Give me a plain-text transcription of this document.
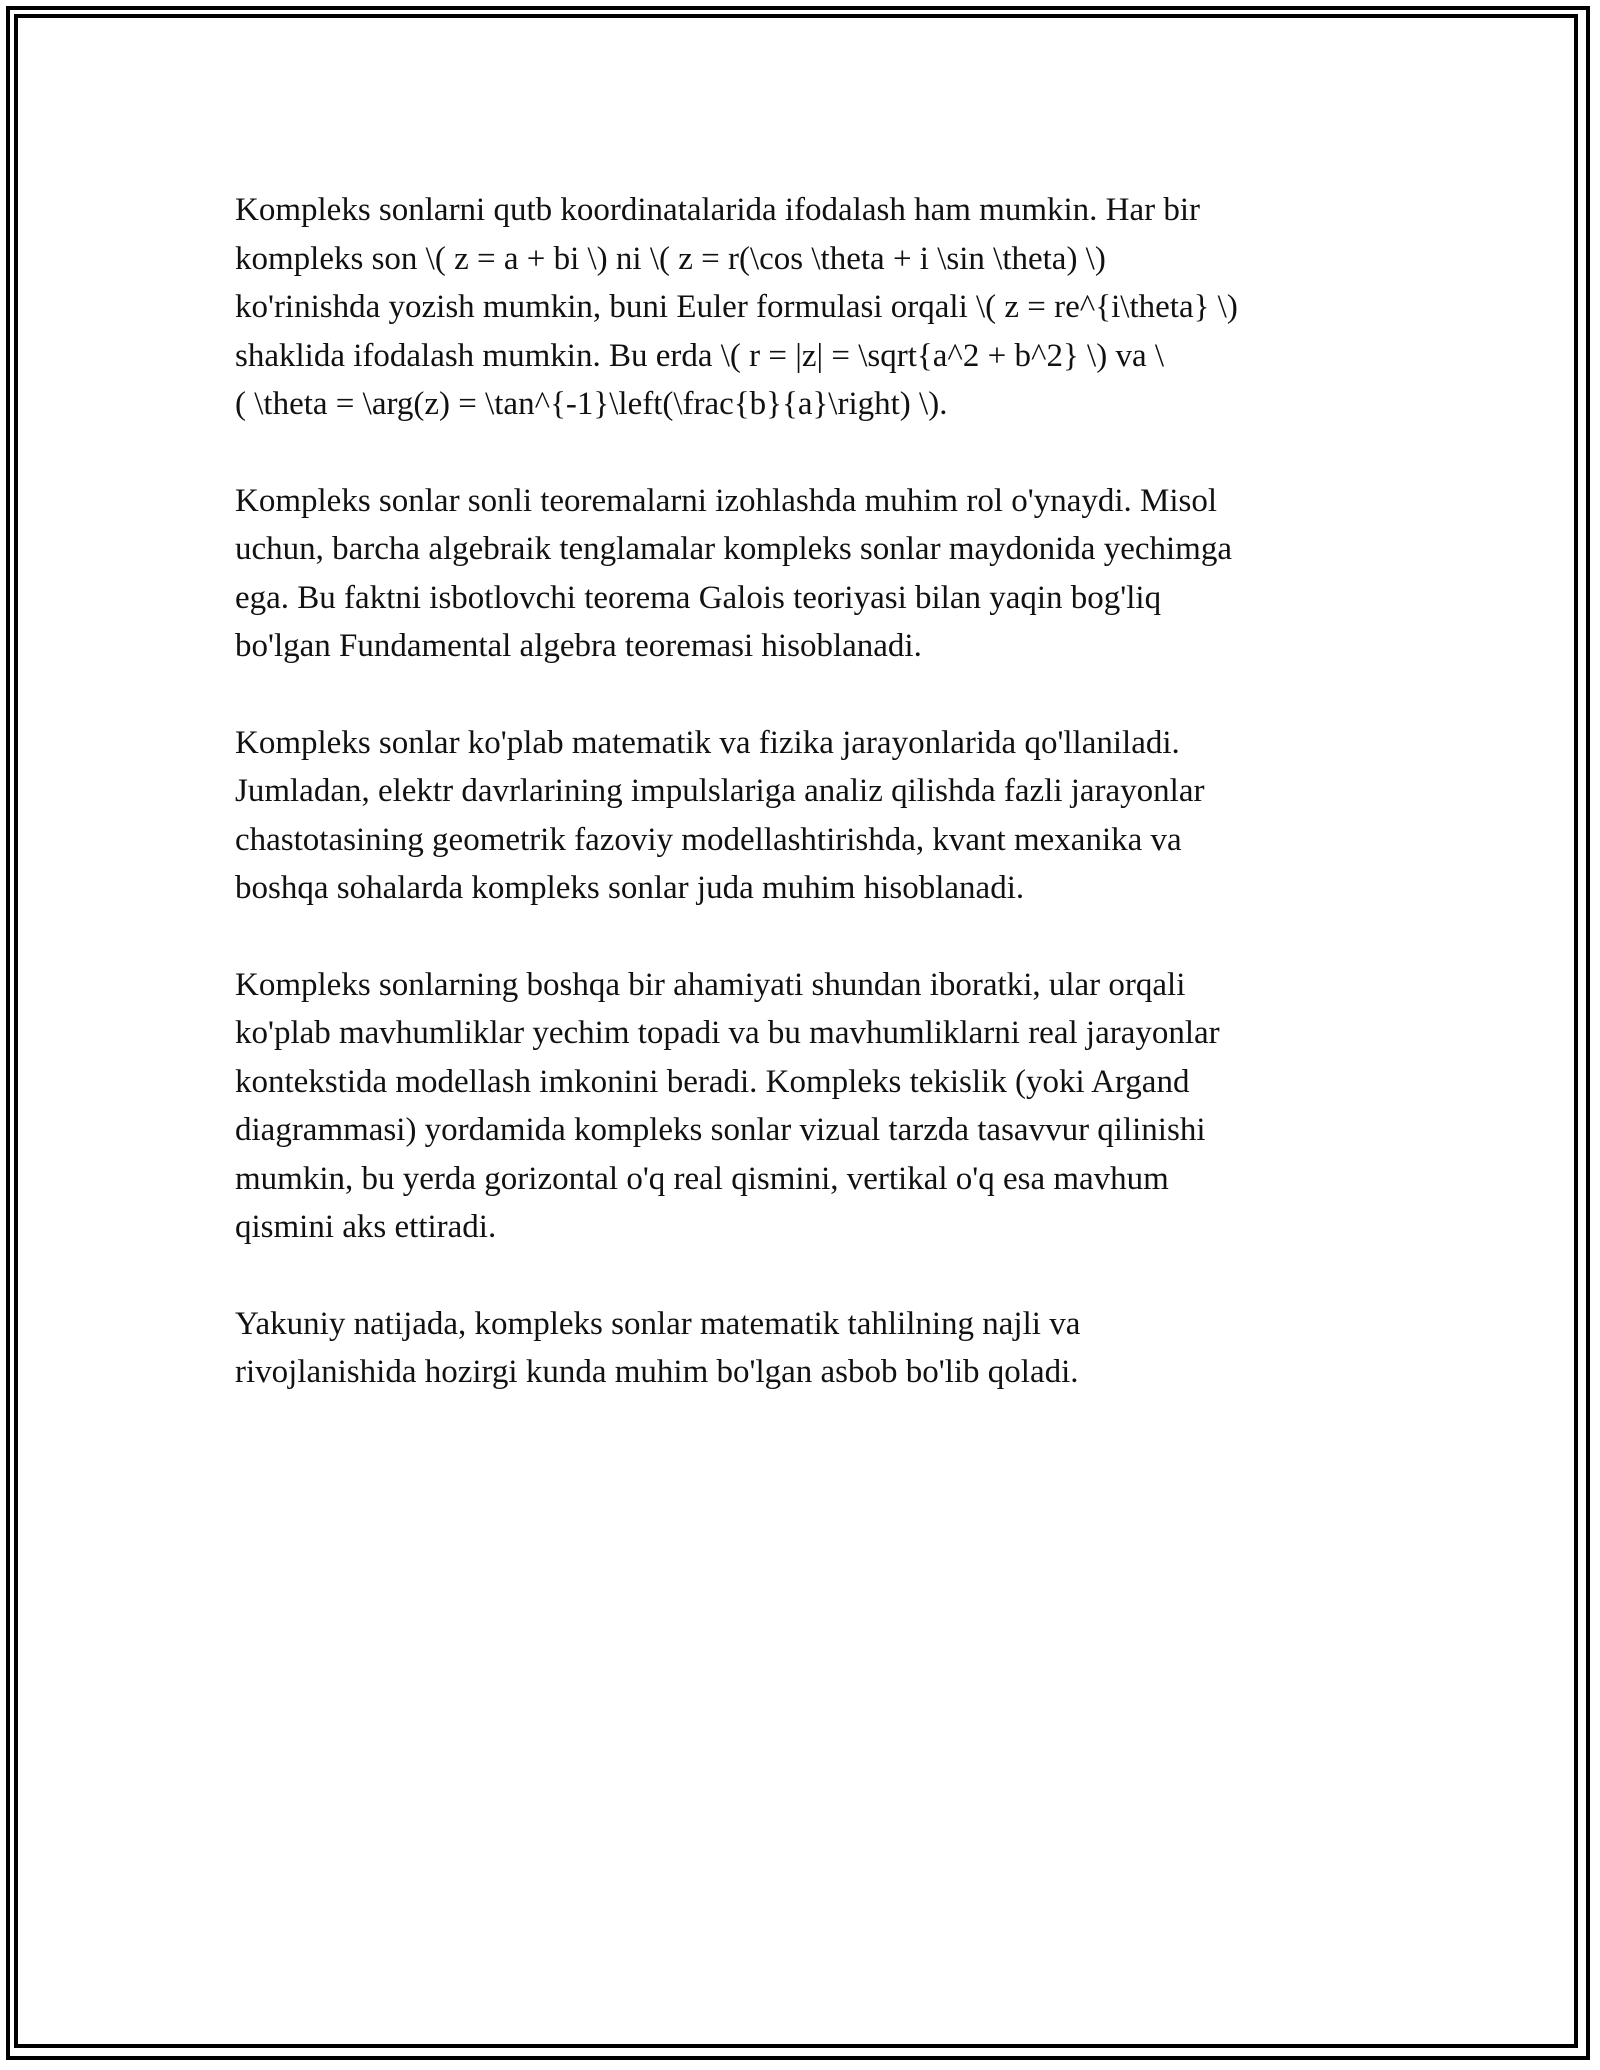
Kompleks sonlarni qutb koordinatalarida ifodalash ham mumkin. Har bir
kompleks son \( z = a + bi \) ni \( z = r(\cos \theta + i \sin \theta) \)
ko'rinishda yozish mumkin, buni Euler formulasi orqali \( z = re^{i\theta} \)
shaklida ifodalash mumkin. Bu erda \( r = |z| = \sqrt{a^2 + b^2} \) va \
( \theta = \arg(z) = \tan^{-1}\left(\frac{b}{a}\right) \).

Kompleks sonlar sonli teoremalarni izohlashda muhim rol o'ynaydi. Misol
uchun, barcha algebraik tenglamalar kompleks sonlar maydonida yechimga
ega. Bu faktni isbotlovchi teorema Galois teoriyasi bilan yaqin bog'liq
bo'lgan Fundamental algebra teoremasi hisoblanadi.

Kompleks sonlar ko'plab matematik va fizika jarayonlarida qo'llaniladi.
Jumladan, elektr davrlarining impulslariga analiz qilishda fazli jarayonlar
chastotasining geometrik fazoviy modellashtirishda, kvant mexanika va
boshqa sohalarda kompleks sonlar juda muhim hisoblanadi.

Kompleks sonlarning boshqa bir ahamiyati shundan iboratki, ular orqali
ko'plab mavhumliklar yechim topadi va bu mavhumliklarni real jarayonlar
kontekstida modellash imkonini beradi. Kompleks tekislik (yoki Argand
diagrammasi) yordamida kompleks sonlar vizual tarzda tasavvur qilinishi
mumkin, bu yerda gorizontal o'q real qismini, vertikal o'q esa mavhum
qismini aks ettiradi.

Yakuniy natijada, kompleks sonlar matematik tahlilning najli va
rivojlanishida hozirgi kunda muhim bo'lgan asbob bo'lib qoladi.
